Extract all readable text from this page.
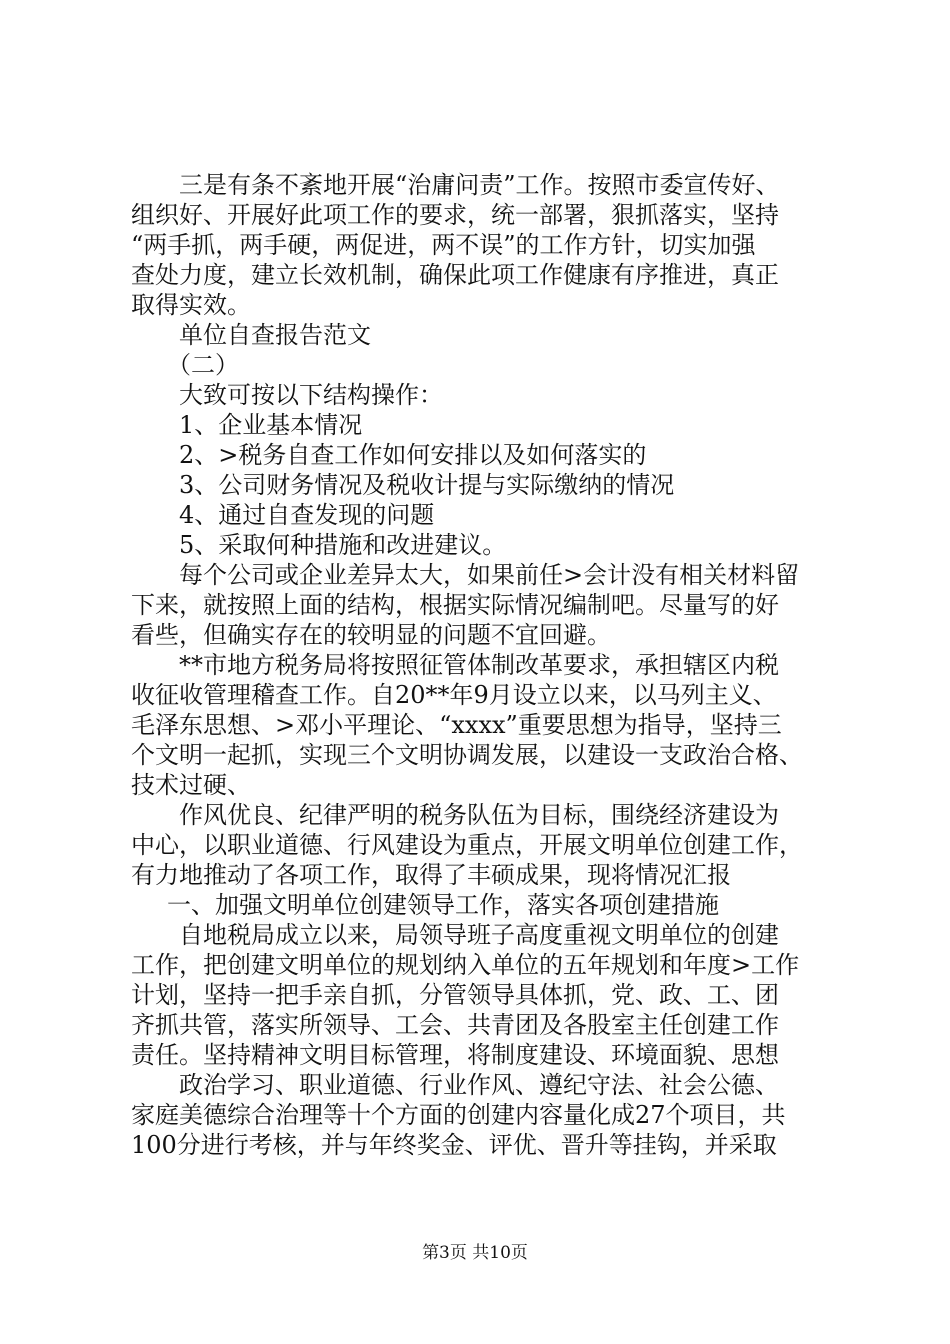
三是有条不紊地开展“治庸问责”工作。按照市委宣传好、
组织好、开展好此项工作的要求，统一部署，狠抓落实，坚持
“两手抓，两手硬，两促进，两不误”的工作方针，切实加强
查处力度，建立长效机制，确保此项工作健康有序推进，真正
取得实效。
单位自查报告范文
（二）
大致可按以下结构操作：
1、企业基本情况
2、>税务自查工作如何安排以及如何落实的
3、公司财务情况及税收计提与实际缴纳的情况
4、通过自查发现的问题
5、采取何种措施和改进建议。
每个公司或企业差异太大，如果前任>会计没有相关材料留
下来，就按照上面的结构，根据实际情况编制吧。尽量写的好
看些，但确实存在的较明显的问题不宜回避。
**市地方税务局将按照征管体制改革要求，承担辖区内税
收征收管理稽查工作。自20**年9月设立以来，以马列主义、
毛泽东思想、>邓小平理论、“xxxx”重要思想为指导，坚持三
个文明一起抓，实现三个文明协调发展，以建设一支政治合格、
技术过硬、
作风优良、纪律严明的税务队伍为目标，围绕经济建设为
中心，以职业道德、行风建设为重点，开展文明单位创建工作，
有力地推动了各项工作，取得了丰硕成果，现将情况汇报
一、加强文明单位创建领导工作，落实各项创建措施
自地税局成立以来，局领导班子高度重视文明单位的创建
工作，把创建文明单位的规划纳入单位的五年规划和年度>工作
计划，坚持一把手亲自抓，分管领导具体抓，党、政、工、团
齐抓共管，落实所领导、工会、共青团及各股室主任创建工作
责任。坚持精神文明目标管理，将制度建设、环境面貌、思想
政治学习、职业道德、行业作风、遵纪守法、社会公德、
家庭美德综合治理等十个方面的创建内容量化成27个项目，共
100分进行考核，并与年终奖金、评优、晋升等挂钩，并采取
第3页 共10页
